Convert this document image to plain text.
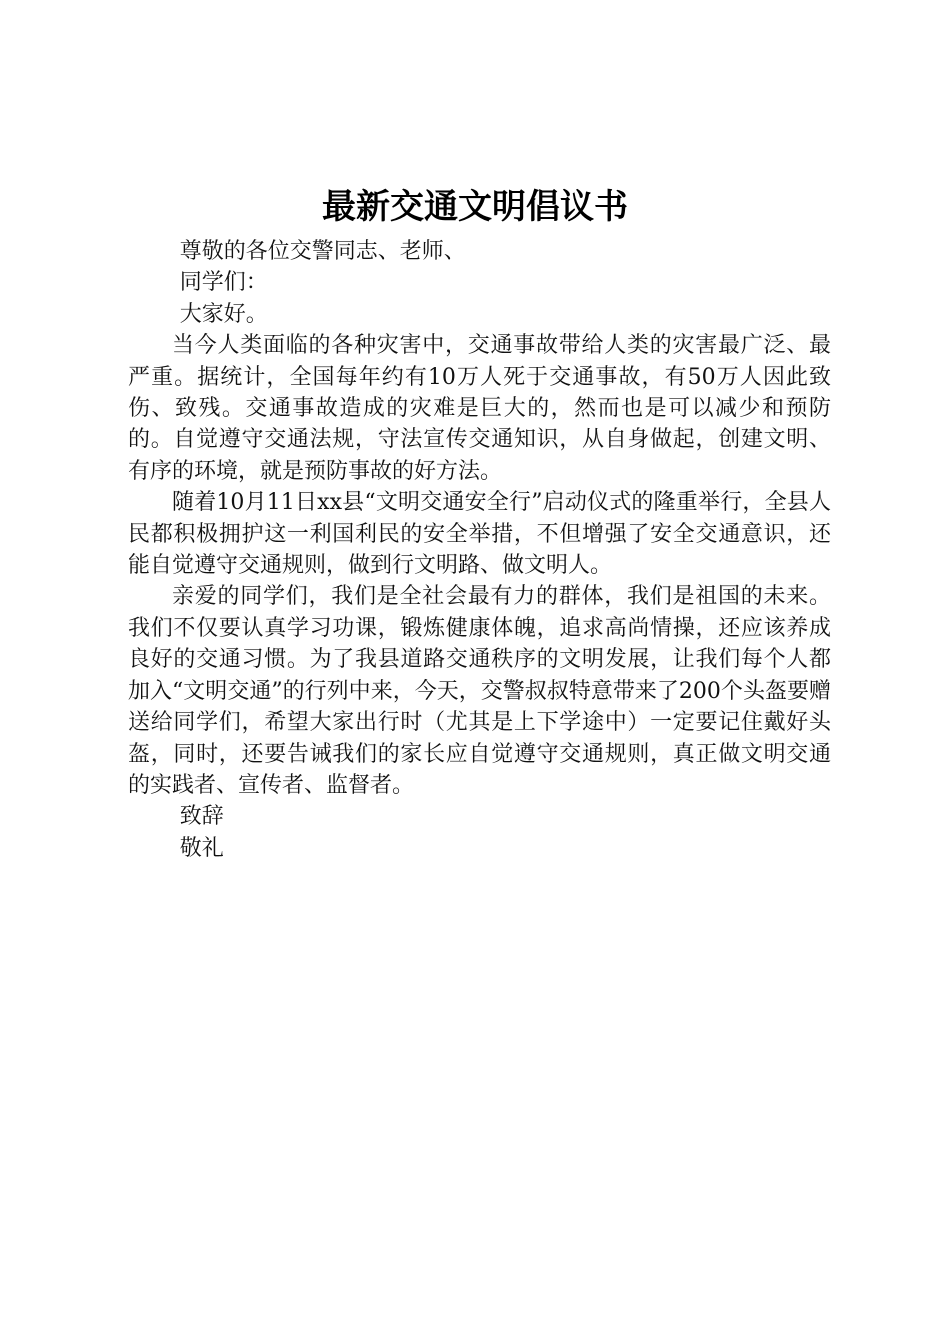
最新交通文明倡议书

尊敬的各位交警同志、老师、

同学们：

大家好。

当今人类面临的各种灾害中，交通事故带给人类的灾害最广泛、最严重。据统计，全国每年约有10万人死于交通事故，有50万人因此致伤、致残。交通事故造成的灾难是巨大的，然而也是可以减少和预防的。自觉遵守交通法规，守法宣传交通知识，从自身做起，创建文明、有序的环境，就是预防事故的好方法。

随着10月11日xx县“文明交通安全行”启动仪式的隆重举行，全县人民都积极拥护这一利国利民的安全举措，不但增强了安全交通意识，还能自觉遵守交通规则，做到行文明路、做文明人。

亲爱的同学们，我们是全社会最有力的群体，我们是祖国的未来。我们不仅要认真学习功课，锻炼健康体魄，追求高尚情操，还应该养成良好的交通习惯。为了我县道路交通秩序的文明发展，让我们每个人都加入“文明交通”的行列中来，今天，交警叔叔特意带来了200个头盔要赠送给同学们，希望大家出行时（尤其是上下学途中）一定要记住戴好头盔，同时，还要告诫我们的家长应自觉遵守交通规则，真正做文明交通的实践者、宣传者、监督者。

致辞

敬礼
